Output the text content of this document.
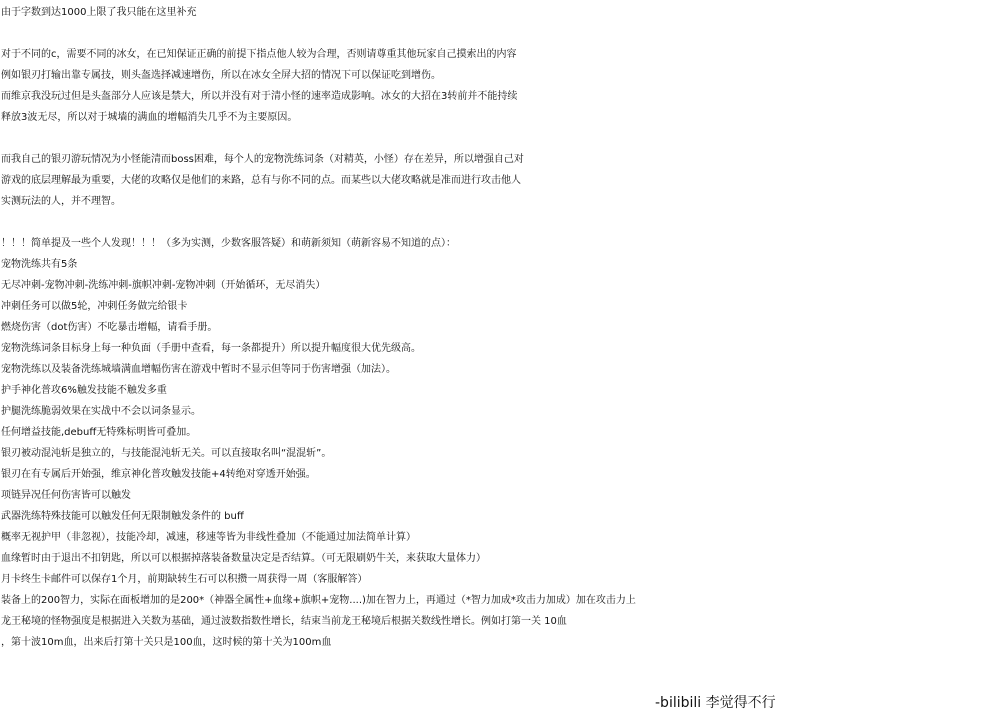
由于字数到达1000上限了我只能在这里补充
对于不同的c，需要不同的冰女，在已知保证正确的前提下指点他人较为合理，否则请尊重其他玩家自己摸索出的内容
例如银刃打输出靠专属技，则头盔选择减速增伤，所以在冰女全屏大招的情况下可以保证吃到增伤。
而维京我没玩过但是头盔部分人应该是禁大，所以并没有对于清小怪的速率造成影响。冰女的大招在3转前并不能持续
释放3波无尽，所以对于城墙的满血的增幅消失几乎不为主要原因。
而我自己的银刃游玩情况为小怪能清而boss困难，每个人的宠物洗练词条（对精英，小怪）存在差异，所以增强自己对
游戏的底层理解最为重要，大佬的攻略仅是他们的来路，总有与你不同的点。而某些以大佬攻略就是准而进行攻击他人
实测玩法的人，并不理智。
！！！简单提及一些个人发现！！！（多为实测，少数客服答疑）和萌新须知（萌新容易不知道的点）：
宠物洗练共有5条
无尽冲刺-宠物冲刺-洗练冲刺-旗帜冲刺-宠物冲刺（开始循环，无尽消失）
冲刺任务可以做5轮，冲刺任务做完给银卡
燃烧伤害（dot伤害）不吃暴击增幅，请看手册。
宠物洗练词条目标身上每一种负面（手册中查看，每一条都提升）所以提升幅度很大优先级高。
宠物洗练以及装备洗练城墙满血增幅伤害在游戏中暂时不显示但等同于伤害增强（加法）。
护手神化普攻6%触发技能不触发多重
护腿洗练脆弱效果在实战中不会以词条显示。
任何增益技能,debuff无特殊标明皆可叠加。
银刃被动混沌斩是独立的，与技能混沌斩无关。可以直接取名叫“混混斩”。
银刃在有专属后开始强，维京神化普攻触发技能+4转绝对穿透开始强。
项链异况任何伤害皆可以触发
武器洗练特殊技能可以触发任何无限制触发条件的 buff
概率无视护甲（非忽视），技能冷却，减速，移速等皆为非线性叠加（不能通过加法简单计算）
血缘暂时由于退出不扣钥匙，所以可以根据掉落装备数量决定是否结算。（可无限刷奶牛关，来获取大量体力）
月卡终生卡邮件可以保存1个月，前期缺转生石可以积攒一周获得一周（客服解答）
装备上的200智力，实际在面板增加的是200*（神器全属性+血缘+旗帜+宠物....)加在智力上，再通过（*智力加成*攻击力加成）加在攻击力上
龙王秘境的怪物强度是根据进入关数为基础，通过波数指数性增长，结束当前龙王秘境后根据关数线性增长。例如打第一关 10血
，第十波10m血，出来后打第十关只是100血，这时候的第十关为100m血
-bilibili 李觉得不行
